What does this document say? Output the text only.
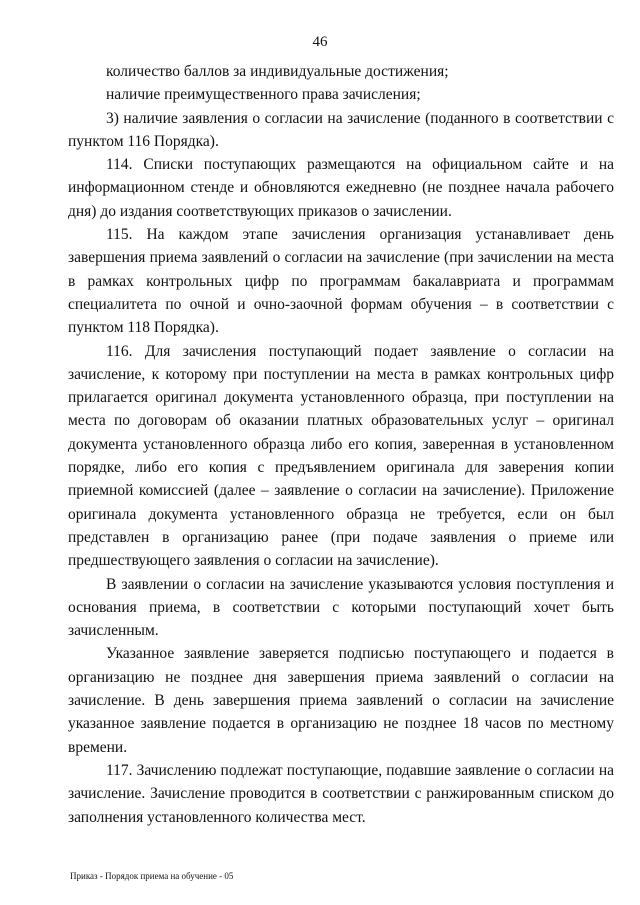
46

количество баллов за индивидуальные достижения;

наличие преимущественного права зачисления;

3) наличие заявления о согласии на зачисление (поданного в соответствии с пунктом 116 Порядка).

114. Списки поступающих размещаются на официальном сайте и на информационном стенде и обновляются ежедневно (не позднее начала рабочего дня) до издания соответствующих приказов о зачислении.

115. На каждом этапе зачисления организация устанавливает день завершения приема заявлений о согласии на зачисление (при зачислении на места в рамках контрольных цифр по программам бакалавриата и программам специалитета по очной и очно-заочной формам обучения – в соответствии с пунктом 118 Порядка).

116. Для зачисления поступающий подает заявление о согласии на зачисление, к которому при поступлении на места в рамках контрольных цифр прилагается оригинал документа установленного образца, при поступлении на места по договорам об оказании платных образовательных услуг – оригинал документа установленного образца либо его копия, заверенная в установленном порядке, либо его копия с предъявлением оригинала для заверения копии приемной комиссией (далее – заявление о согласии на зачисление). Приложение оригинала документа установленного образца не требуется, если он был представлен в организацию ранее (при подаче заявления о приеме или предшествующего заявления о согласии на зачисление).

В заявлении о согласии на зачисление указываются условия поступления и основания приема, в соответствии с которыми поступающий хочет быть зачисленным.

Указанное заявление заверяется подписью поступающего и подается в организацию не позднее дня завершения приема заявлений о согласии на зачисление. В день завершения приема заявлений о согласии на зачисление указанное заявление подается в организацию не позднее 18 часов по местному времени.

117. Зачислению подлежат поступающие, подавшие заявление о согласии на зачисление. Зачисление проводится в соответствии с ранжированным списком до заполнения установленного количества мест.

Приказ - Порядок приема на обучение - 05
